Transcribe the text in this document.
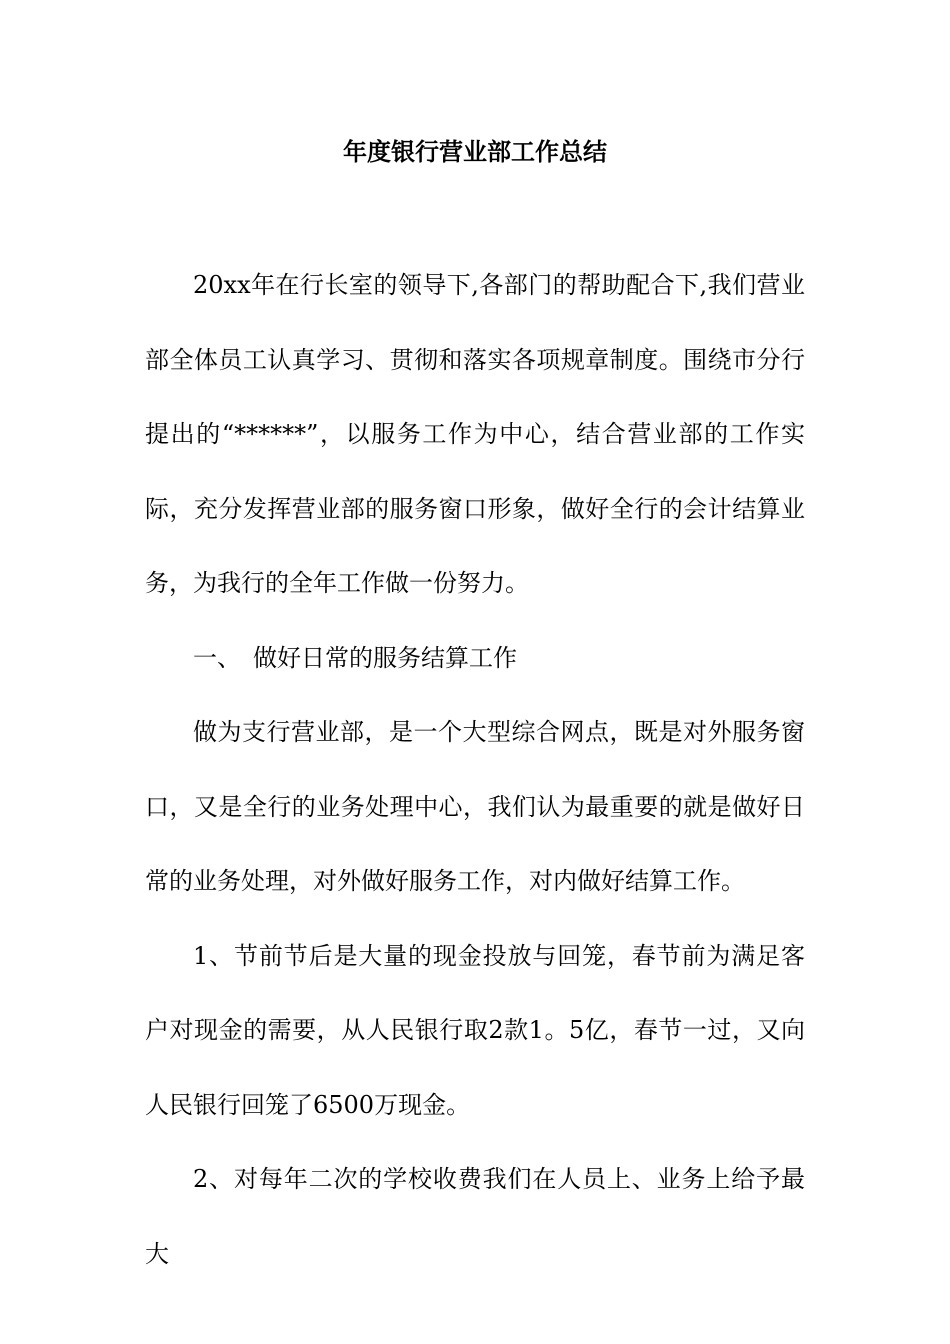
年度银行营业部工作总结

20xx年在行长室的领导下,各部门的帮助配合下,我们营业部全体员工认真学习、贯彻和落实各项规章制度。围绕市分行提出的“******”，以服务工作为中心，结合营业部的工作实际，充分发挥营业部的服务窗口形象，做好全行的会计结算业务，为我行的全年工作做一份努力。

一、 做好日常的服务结算工作

做为支行营业部，是一个大型综合网点，既是对外服务窗口，又是全行的业务处理中心，我们认为最重要的就是做好日常的业务处理，对外做好服务工作，对内做好结算工作。

1、节前节后是大量的现金投放与回笼，春节前为满足客户对现金的需要，从人民银行取2款1。5亿，春节一过，又向人民银行回笼了6500万现金。

2、对每年二次的学校收费我们在人员上、业务上给予最大
